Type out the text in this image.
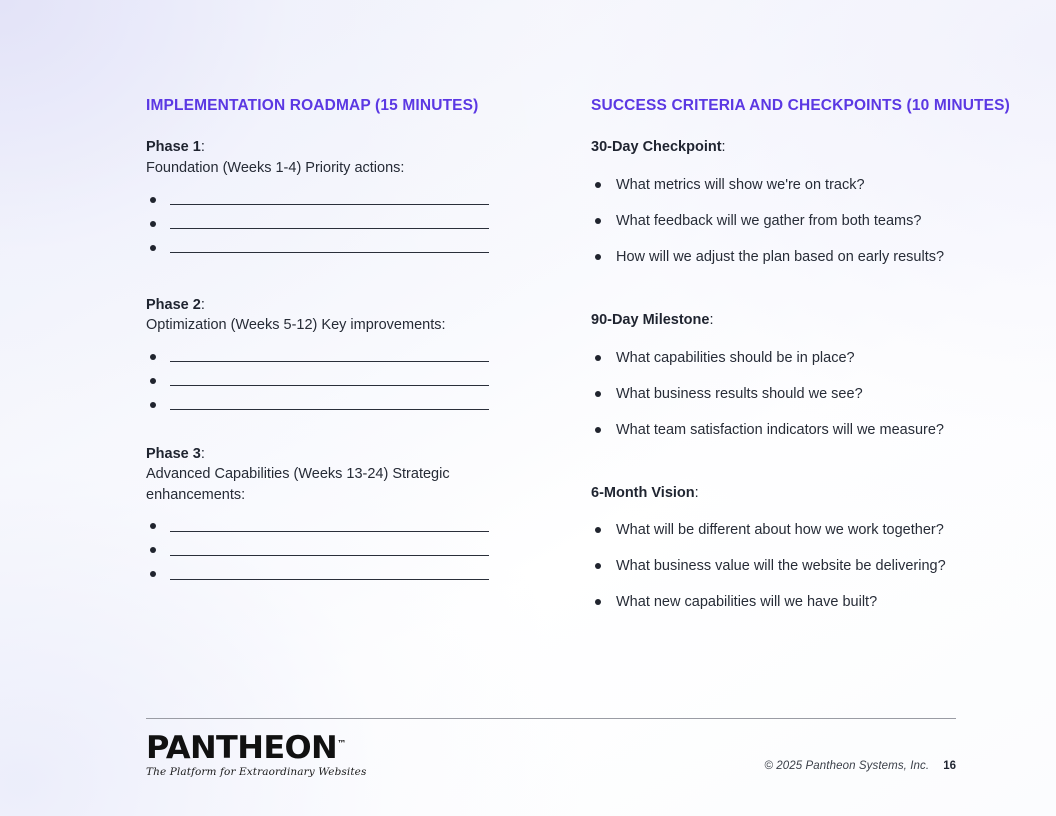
IMPLEMENTATION ROADMAP (15 MINUTES)

Phase 1:

Foundation (Weeks 1-4) Priority actions:

Phase 2:

Optimization (Weeks 5-12) Key improvements:

Phase 3:

Advanced Capabilities (Weeks 13-24) Strategic enhancements:

SUCCESS CRITERIA AND CHECKPOINTS (10 MINUTES)

30-Day Checkpoint:

What metrics will show we're on track?
What feedback will we gather from both teams?
How will we adjust the plan based on early results?

90-Day Milestone:

What capabilities should be in place?
What business results should we see?
What team satisfaction indicators will we measure?

6-Month Vision:

What will be different about how we work together?
What business value will the website be delivering?
What new capabilities will we have built?
PANTHEON™
The Platform for Extraordinary Websites
© 2025 Pantheon Systems, Inc. 16
